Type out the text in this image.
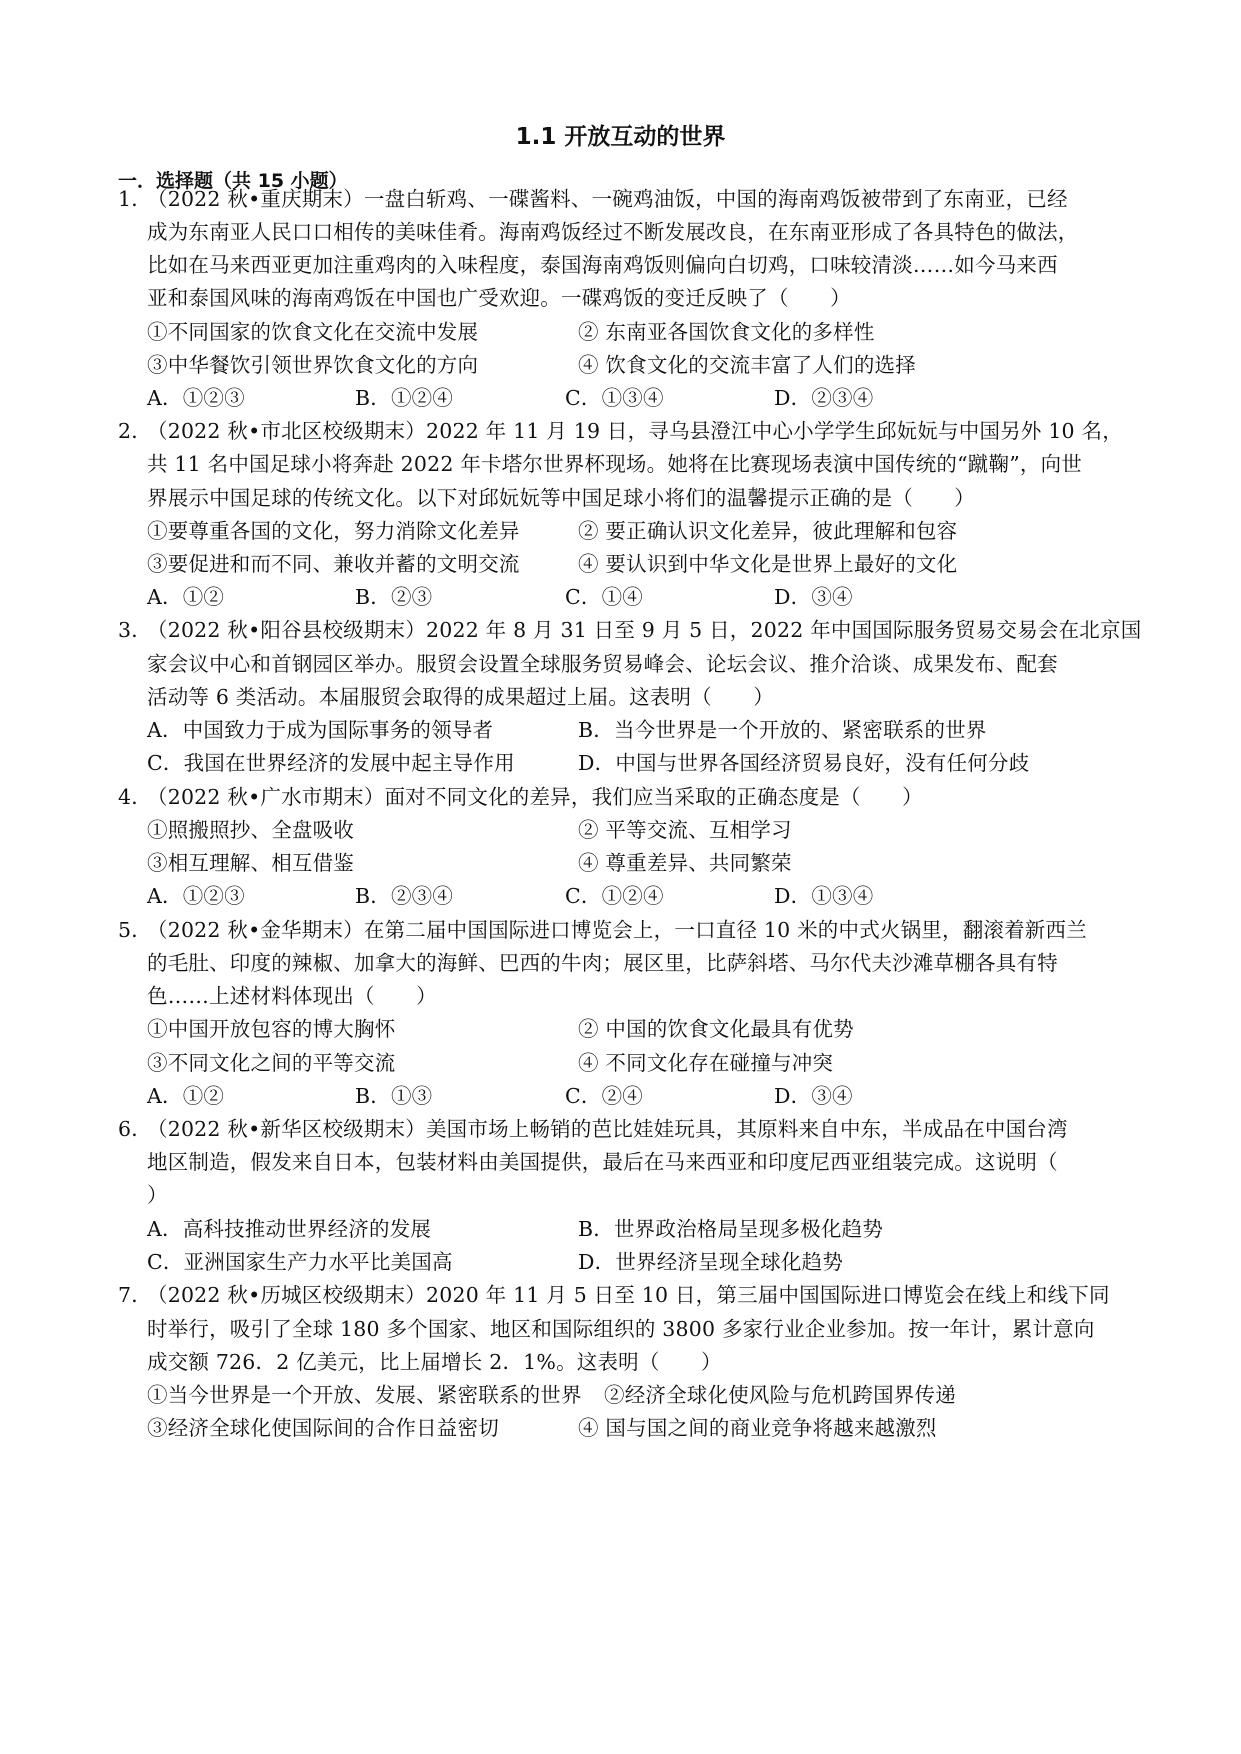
1.1 开放互动的世界
一．选择题（共 15 小题）
1．
（2022 秋•重庆期末）一盘白斩鸡、一碟酱料、一碗鸡油饭，中国的海南鸡饭被带到了东南亚，已经
成为东南亚人民口口相传的美味佳肴。海南鸡饭经过不断发展改良，在东南亚形成了各具特色的做法，
比如在马来西亚更加注重鸡肉的入味程度，泰国海南鸡饭则偏向白切鸡，口味较清淡……如今马来西
亚和泰国风味的海南鸡饭在中国也广受欢迎。一碟鸡饭的变迁反映了（　　）
①不同国家的饮食文化在交流中发展	② 东南亚各国饮食文化的多样性
③中华餐饮引领世界饮食文化的方向	④ 饮食文化的交流丰富了人们的选择
A．①②③	B．①②④	C．①③④	D．②③④
2．
（2022 秋•市北区校级期末）2022 年 11 月 19 日，寻乌县澄江中心小学学生邱妧妧与中国另外 10 名，
共 11 名中国足球小将奔赴 2022 年卡塔尔世界杯现场。她将在比赛现场表演中国传统的“蹴鞠”，向世
界展示中国足球的传统文化。以下对邱妧妧等中国足球小将们的温馨提示正确的是（　　）
①要尊重各国的文化，努力消除文化差异	② 要正确认识文化差异，彼此理解和包容
③要促进和而不同、兼收并蓄的文明交流	④ 要认识到中华文化是世界上最好的文化
A．①②	B．②③	C．①④	D．③④
3．
（2022 秋•阳谷县校级期末）2022 年 8 月 31 日至 9 月 5 日，2022 年中国国际服务贸易交易会在北京国
家会议中心和首钢园区举办。服贸会设置全球服务贸易峰会、论坛会议、推介洽谈、成果发布、配套
活动等 6 类活动。本届服贸会取得的成果超过上届。这表明（　　）
A．中国致力于成为国际事务的领导者	B．当今世界是一个开放的、紧密联系的世界
C．我国在世界经济的发展中起主导作用	D．中国与世界各国经济贸易良好，没有任何分歧
4．
（2022 秋•广水市期末）面对不同文化的差异，我们应当采取的正确态度是（　　）
①照搬照抄、全盘吸收	② 平等交流、互相学习
③相互理解、相互借鉴	④ 尊重差异、共同繁荣
A．①②③	B．②③④	C．①②④	D．①③④
5．
（2022 秋•金华期末）在第二届中国国际进口博览会上，一口直径 10 米的中式火锅里，翻滚着新西兰
的毛肚、印度的辣椒、加拿大的海鲜、巴西的牛肉；展区里，比萨斜塔、马尔代夫沙滩草棚各具有特
色……上述材料体现出（　　）
①中国开放包容的博大胸怀	② 中国的饮食文化最具有优势
③不同文化之间的平等交流	④ 不同文化存在碰撞与冲突
A．①②	B．①③	C．②④	D．③④
6．
（2022 秋•新华区校级期末）美国市场上畅销的芭比娃娃玩具，其原料来自中东，半成品在中国台湾
地区制造，假发来自日本，包装材料由美国提供，最后在马来西亚和印度尼西亚组装完成。这说明（
）
A．高科技推动世界经济的发展	B．世界政治格局呈现多极化趋势
C．亚洲国家生产力水平比美国高	D．世界经济呈现全球化趋势
7．
（2022 秋•历城区校级期末）2020 年 11 月 5 日至 10 日，第三届中国国际进口博览会在线上和线下同
时举行，吸引了全球 180 多个国家、地区和国际组织的 3800 多家行业企业参加。按一年计，累计意向
成交额 726．2 亿美元，比上届增长 2．1%。这表明（　　）
①当今世界是一个开放、发展、紧密联系的世界 ②经济全球化使风险与危机跨国界传递
③经济全球化使国际间的合作日益密切	④ 国与国之间的商业竞争将越来越激烈
